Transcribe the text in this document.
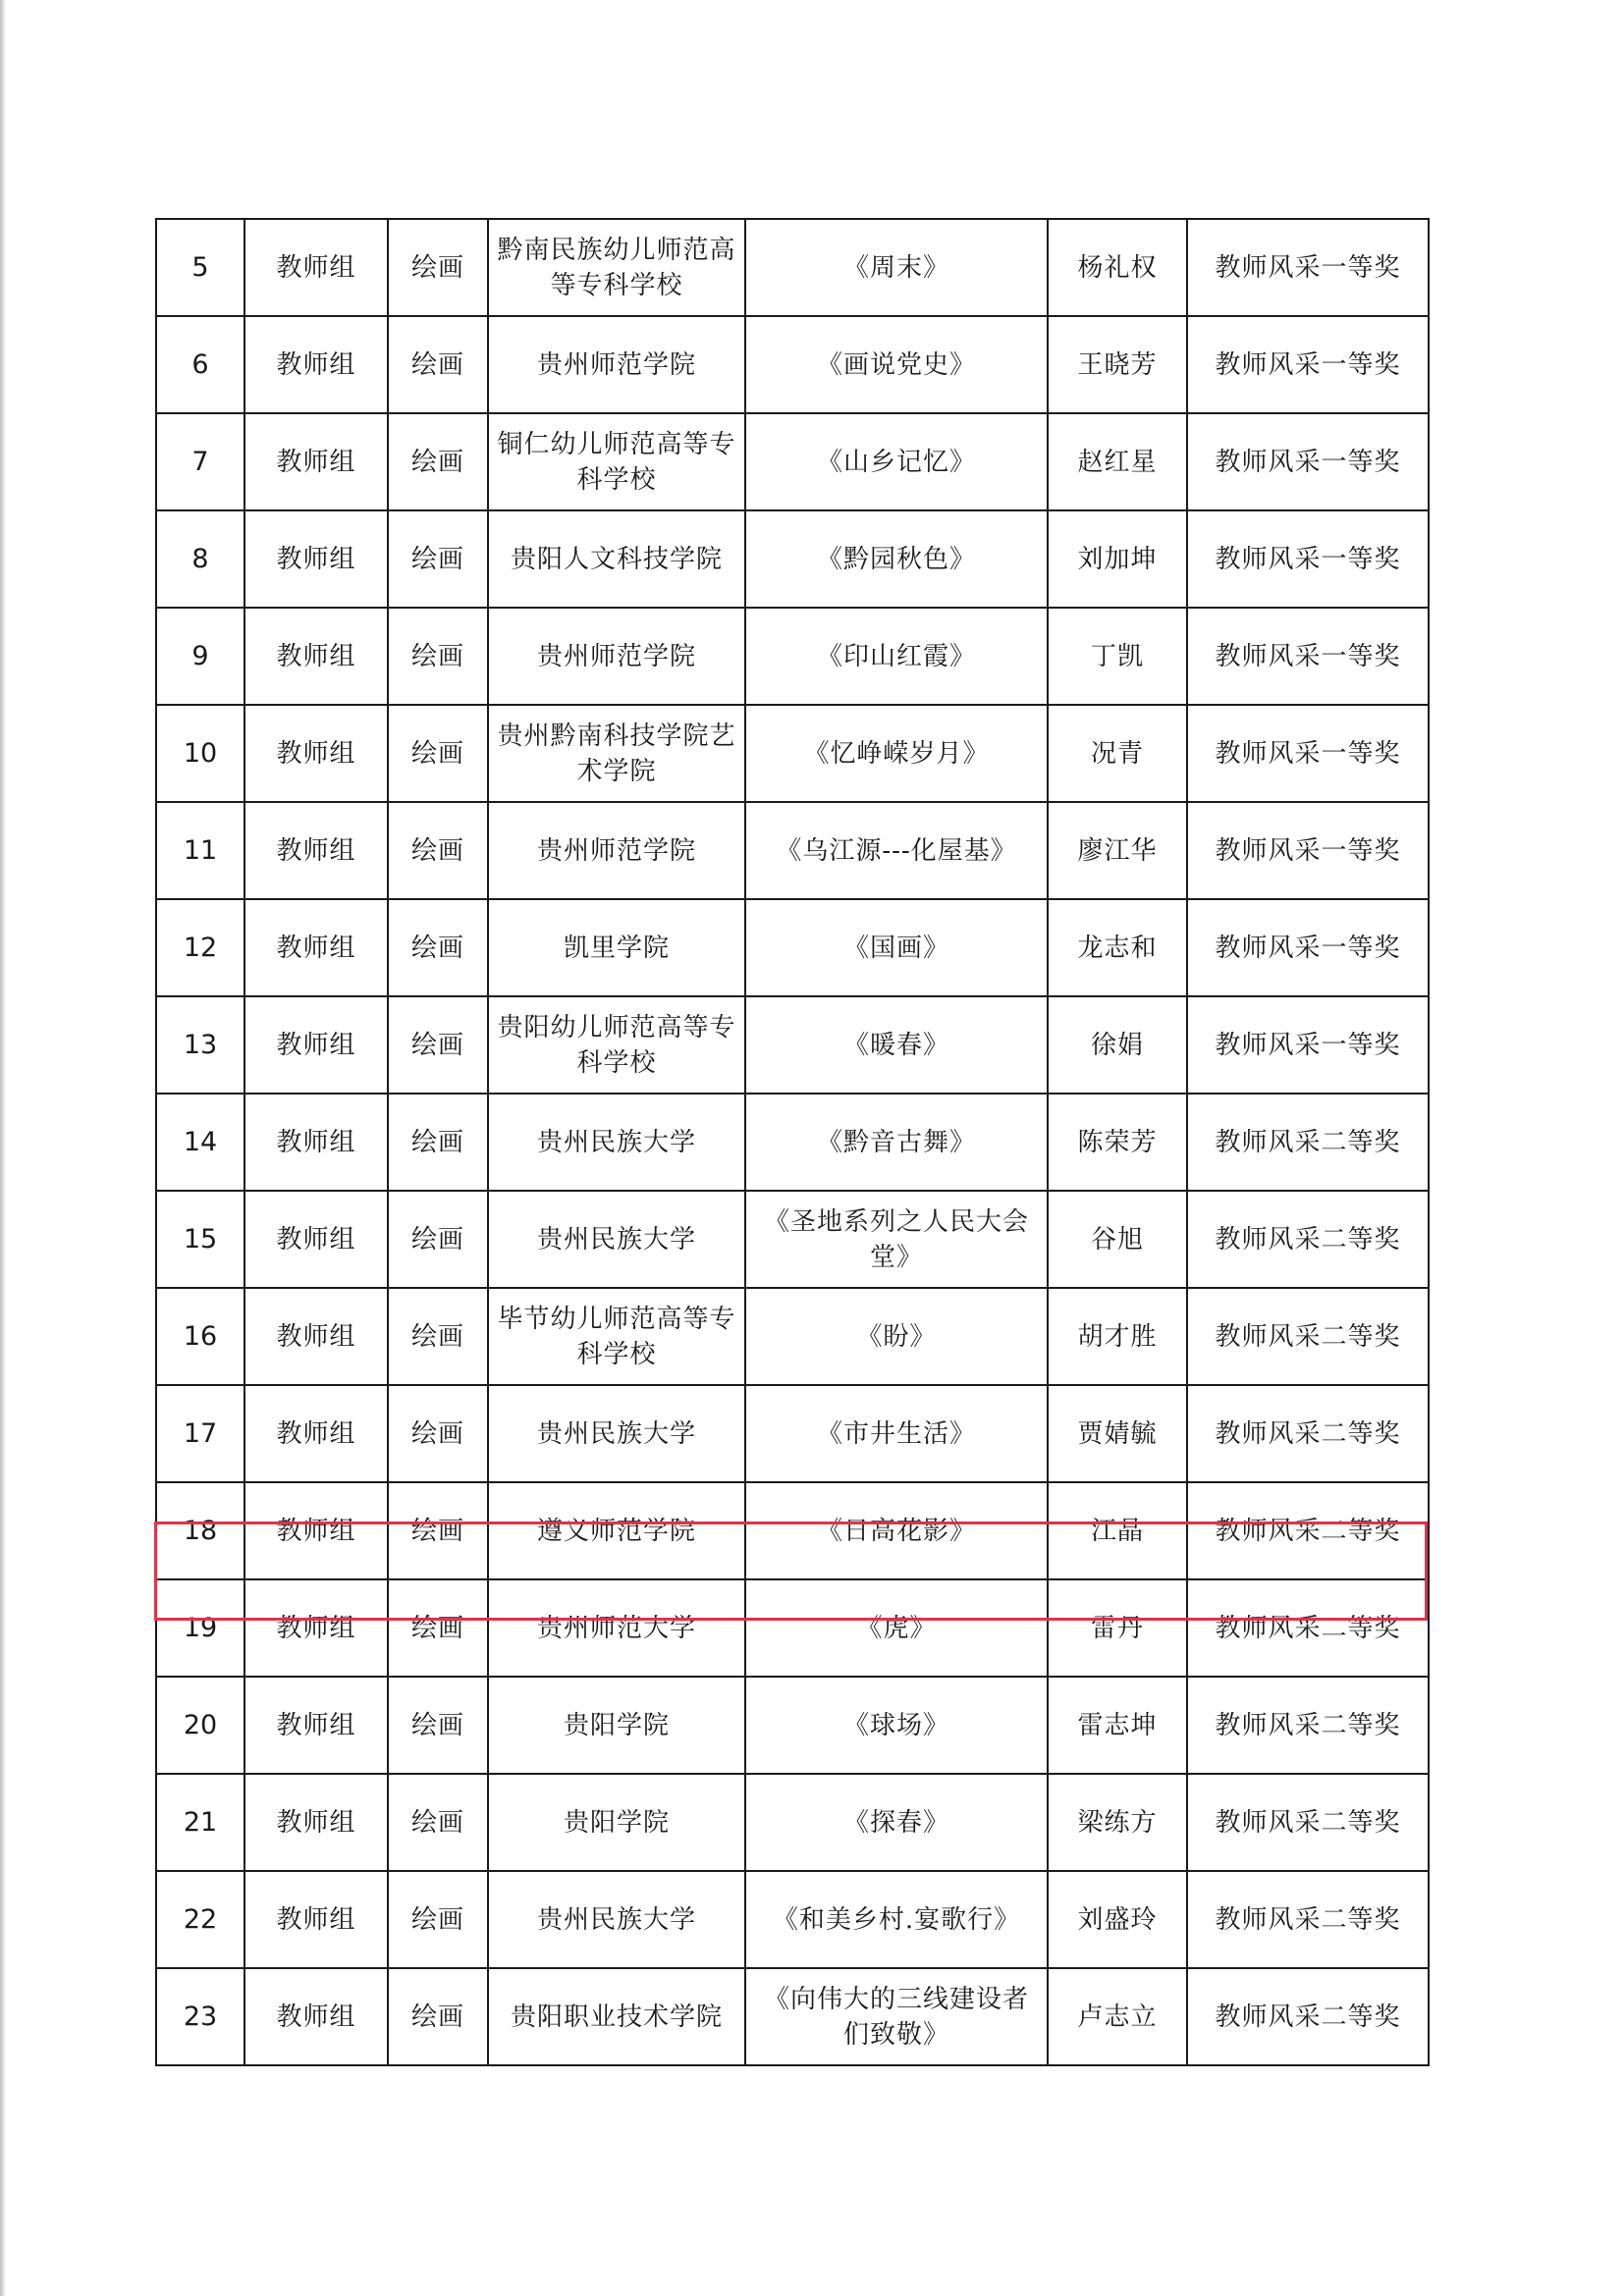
5	教师组	绘画	黔南民族幼儿师范高等专科学校	《周末》	杨礼权	教师风采一等奖
6	教师组	绘画	贵州师范学院	《画说党史》	王晓芳	教师风采一等奖
7	教师组	绘画	铜仁幼儿师范高等专科学校	《山乡记忆》	赵红星	教师风采一等奖
8	教师组	绘画	贵阳人文科技学院	《黔园秋色》	刘加坤	教师风采一等奖
9	教师组	绘画	贵州师范学院	《印山红霞》	丁凯	教师风采一等奖
10	教师组	绘画	贵州黔南科技学院艺术学院	《忆峥嵘岁月》	况青	教师风采一等奖
11	教师组	绘画	贵州师范学院	《乌江源---化屋基》	廖江华	教师风采一等奖
12	教师组	绘画	凯里学院	《国画》	龙志和	教师风采一等奖
13	教师组	绘画	贵阳幼儿师范高等专科学校	《暖春》	徐娟	教师风采一等奖
14	教师组	绘画	贵州民族大学	《黔音古舞》	陈荣芳	教师风采二等奖
15	教师组	绘画	贵州民族大学	《圣地系列之人民大会堂》	谷旭	教师风采二等奖
16	教师组	绘画	毕节幼儿师范高等专科学校	《盼》	胡才胜	教师风采二等奖
17	教师组	绘画	贵州民族大学	《市井生活》	贾婧毓	教师风采二等奖
18	教师组	绘画	遵义师范学院	《日高花影》	江晶	教师风采二等奖
19	教师组	绘画	贵州师范大学	《虎》	雷丹	教师风采二等奖
20	教师组	绘画	贵阳学院	《球场》	雷志坤	教师风采二等奖
21	教师组	绘画	贵阳学院	《探春》	梁练方	教师风采二等奖
22	教师组	绘画	贵州民族大学	《和美乡村.宴歌行》	刘盛玲	教师风采二等奖
23	教师组	绘画	贵阳职业技术学院	《向伟大的三线建设者们致敬》	卢志立	教师风采二等奖
